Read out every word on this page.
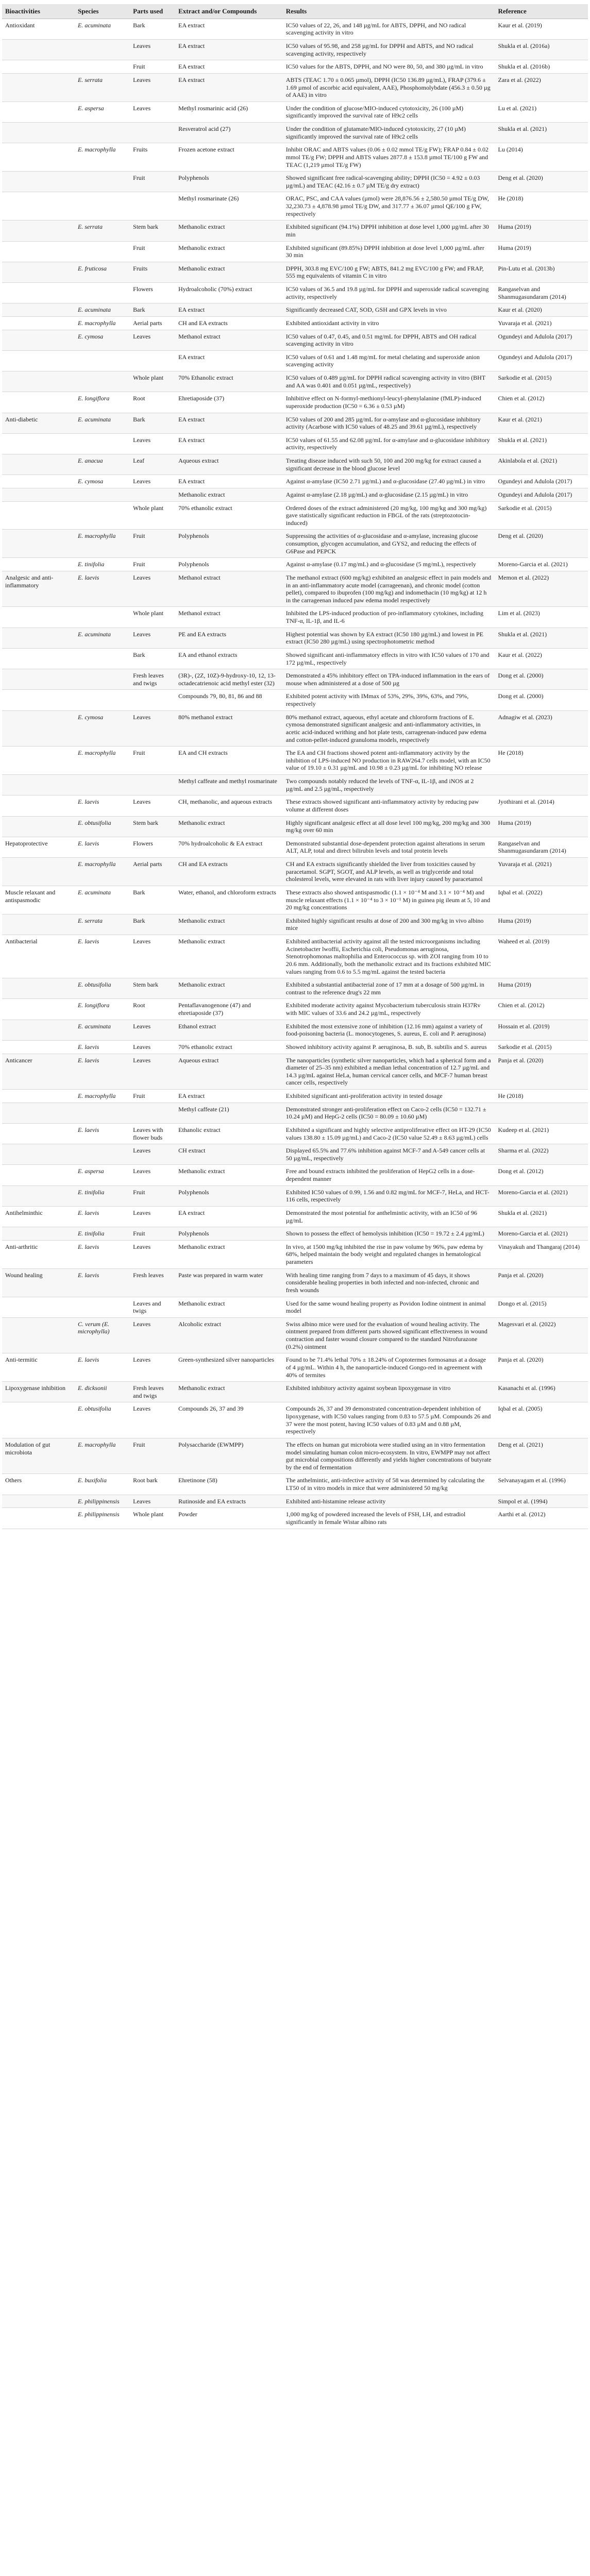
Bioactivities	Species	Parts used	Extract and/or Compounds	Results	Reference
Antioxidant	E. acuminata	Bark	EA extract	IC50 values of 22, 26, and 148 µg/mL for ABTS, DPPH, and NO radical scavenging activity in vitro	Kaur et al. (2019)
		Leaves	EA extract	IC50 values of 95.98, and 258 µg/mL for DPPH and ABTS, and NO radical scavenging activity, respectively	Shukla et al. (2016a)
		Fruit	EA extract	IC50 values for the ABTS, DPPH, and NO were 80, 50, and 380 µg/mL in vitro	Shukla et al. (2016b)
	E. serrata	Leaves	EA extract	ABTS (TEAC 1.70 ± 0.065 µmol), DPPH (IC50 136.89 µg/mL), FRAP (379.6 ± 1.69 µmol of ascorbic acid equivalent, AAE), Phosphomolybdate (456.3 ± 0.50 µg of AAE) in vitro	Zara et al. (2022)
	E. aspersa	Leaves	Methyl rosmarinic acid (26)	Under the condition of glucose/MIO-induced cytotoxicity, 26 (100 µM) significantly improved the survival rate of H9c2 cells	Lu et al. (2021)
			Resveratrol acid (27)	Under the condition of glutamate/MIO-induced cytotoxicity, 27 (10 µM) significantly improved the survival rate of H9c2 cells	Shukla et al. (2021)
	E. macrophylla	Fruits	Frozen acetone extract	Inhibit ORAC and ABTS values (0.06 ± 0.02 mmol TE/g FW); FRAP 0.84 ± 0.02 mmol TE/g FW; DPPH and ABTS values 2877.8 ± 153.8 µmol TE/100 g FW and TEAC (1,219 µmol TE/g FW)	Lu (2014)
		Fruit	Polyphenols	Showed significant free radical-scavenging ability; DPPH (IC50 = 4.92 ± 0.03 µg/mL) and TEAC (42.16 ± 0.7 µM TE/g dry extract)	Deng et al. (2020)
			Methyl rosmarinate (26)	ORAC, PSC, and CAA values (µmol) were 28,876.56 ± 2,580.50 µmol TE/g DW, 32,230.73 ± 4,878.98 µmol TE/g DW, and 317.77 ± 36.07 µmol QE/100 g FW, respectively	He (2018)
	E. serrata	Stem bark	Methanolic extract	Exhibited significant (94.1%) DPPH inhibition at dose level 1,000 µg/mL after 30 min	Huma (2019)
		Fruit	Methanolic extract	Exhibited significant (89.85%) DPPH inhibition at dose level 1,000 µg/mL after 30 min	Huma (2019)
	E. fruticosa	Fruits	Methanolic extract	DPPH, 303.8 mg EVC/100 g FW; ABTS, 841.2 mg EVC/100 g FW; and FRAP, 555 mg equivalents of vitamin C in vitro	Pin-Lutu et al. (2013b)
		Flowers	Hydroalcoholic (70%) extract	IC50 values of 36.5 and 19.8 µg/mL for DPPH and superoxide radical scavenging activity, respectively	Rangaselvan and Shanmugasundaram (2014)
	E. acuminata	Bark	EA extract	Significantly decreased CAT, SOD, GSH and GPX levels in vivo	Kaur et al. (2020)
	E. macrophylla	Aerial parts	CH and EA extracts	Exhibited antioxidant activity in vitro	Yuvaraja et al. (2021)
	E. cymosa	Leaves	Methanol extract	IC50 values of 0.47, 0.45, and 0.51 mg/mL for DPPH, ABTS and OH radical scavenging activity in vitro	Ogundeyi and Adulola (2017)
			EA extract	IC50 values of 0.61 and 1.48 mg/mL for metal chelating and superoxide anion scavenging activity	Ogundeyi and Adulola (2017)
		Whole plant	70% Ethanolic extract	IC50 values of 0.489 µg/mL for DPPH radical scavenging activity in vitro (BHT and AA was 0.401 and 0.051 µg/mL, respectively)	Sarkodie et al. (2015)
	E. longiflora	Root	Ehretiaposide (37)	Inhibitive effect on N-formyl-methionyl-leucyl-phenylalanine (fMLP)-induced superoxide production (IC50 = 6.36 ± 0.53 µM)	Chien et al. (2012)
Anti-diabetic	E. acuminata	Bark	EA extract	IC50 values of 200 and 285 µg/mL for α-amylase and α-glucosidase inhibitory activity (Acarbose with IC50 values of 48.25 and 39.61 µg/mL), respectively	Kaur et al. (2021)
		Leaves	EA extract	IC50 values of 61.55 and 62.08 µg/mL for α-amylase and α-glucosidase inhibitory activity, respectively	Shukla et al. (2021)
	E. anacua	Leaf	Aqueous extract	Treating disease induced with such 50, 100 and 200 mg/kg for extract caused a significant decrease in the blood glucose level	Akinlabola et al. (2021)
	E. cymosa	Leaves	EA extract	Against α-amylase (IC50 2.71 µg/mL) and α-glucosidase (27.40 µg/mL) in vitro	Ogundeyi and Adulola (2017)
			Methanolic extract	Against α-amylase (2.18 µg/mL) and α-glucosidase (2.15 µg/mL) in vitro	Ogundeyi and Adulola (2017)
		Whole plant	70% ethanolic extract	Ordered doses of the extract administered (20 mg/kg, 100 mg/kg and 300 mg/kg) gave statistically significant reduction in FBGL of the rats (streptozotocin-induced)	Sarkodie et al. (2015)
	E. macrophylla	Fruit	Polyphenols	Suppressing the activities of α-glucosidase and α-amylase, increasing glucose consumption, glycogen accumulation, and GYS2, and reducing the effects of G6Pase and PEPCK	Deng et al. (2020)
	E. tinifolia	Fruit	Polyphenols	Against α-amylase (0.17 mg/mL) and α-glucosidase (5 mg/mL), respectively	Moreno-Garcia et al. (2021)
Analgesic and anti-inflammatory	E. laevis	Leaves	Methanol extract	The methanol extract (600 mg/kg) exhibited an analgesic effect in pain models and in an anti-inflammatory acute model (carrageenan), and chronic model (cotton pellet), compared to ibuprofen (100 mg/kg) and indomethacin (10 mg/kg) at 12 h in the carrageenan induced paw edema model respectively	Memon et al. (2022)
		Whole plant	Methanol extract	Inhibited the LPS-induced production of pro-inflammatory cytokines, including TNF-α, IL-1β, and IL-6	Lim et al. (2023)
	E. acuminata	Leaves	PE and EA extracts	Highest potential was shown by EA extract (IC50 180 µg/mL) and lowest in PE extract (IC50 280 µg/mL) using spectrophotometric method	Shukla et al. (2021)
		Bark	EA and ethanol extracts	Showed significant anti-inflammatory effects in vitro with IC50 values of 170 and 172 µg/mL, respectively	Kaur et al. (2022)
		Fresh leaves and twigs	(3R)-, (2Z, 10Z)-9-hydroxy-10, 12, 13-octadecatrienoic acid methyl ester (32)	Demonstrated a 45% inhibitory effect on TPA-induced inflammation in the ears of mouse when administered at a dose of 500 µg	Dong et al. (2000)
			Compounds 79, 80, 81, 86 and 88	Exhibited potent activity with IMmax of 53%, 29%, 39%, 63%, and 79%, respectively	Dong et al. (2000)
	E. cymosa	Leaves	80% methanol extract	80% methanol extract, aqueous, ethyl acetate and chloroform fractions of E. cymosa demonstrated significant analgesic and anti-inflammatory activities, in acetic acid-induced writhing and hot plate tests, carrageenan-induced paw edema and cotton-pellet-induced granuloma models, respectively	Adnagiw et al. (2023)
	E. macrophylla	Fruit	EA and CH extracts	The EA and CH fractions showed potent anti-inflammatory activity by the inhibition of LPS-induced NO production in RAW264.7 cells model, with an IC50 value of 19.10 ± 0.31 µg/mL and 10.98 ± 0.23 µg/mL for inhibiting NO release	He (2018)
			Methyl caffeate and methyl rosmarinate	Two compounds notably reduced the levels of TNF-α, IL-1β, and iNOS at 2 µg/mL and 2.5 µg/mL, respectively	
	E. laevis	Leaves	CH, methanolic, and aqueous extracts	These extracts showed significant anti-inflammatory activity by reducing paw volume at different doses	Jyothirani et al. (2014)
	E. obtusifolia	Stem bark	Methanolic extract	Highly significant analgesic effect at all dose level 100 mg/kg, 200 mg/kg and 300 mg/kg over 60 min	Huma (2019)
Hepatoprotective	E. laevis	Flowers	70% hydroalcoholic & EA extract	Demonstrated substantial dose-dependent protection against alterations in serum ALT, ALP, total and direct bilirubin levels and total protein levels	Rangaselvan and Shanmugasundaram (2014)
	E. macrophylla	Aerial parts	CH and EA extracts	CH and EA extracts significantly shielded the liver from toxicities caused by paracetamol. SGPT, SGOT, and ALP levels, as well as triglyceride and total cholesterol levels, were elevated in rats with liver injury caused by paracetamol	Yuvaraja et al. (2021)
Muscle relaxant and antispasmodic	E. acuminata	Bark	Water, ethanol, and chloroform extracts	These extracts also showed antispasmodic (1.1 × 10⁻⁴ M and 3.1 × 10⁻⁴ M) and muscle relaxant effects (1.1 × 10⁻⁴ to 3 × 10⁻¹ M) in guinea pig ileum at 5, 10 and 20 mg/kg concentrations	Iqbal et al. (2022)
	E. serrata	Bark	Methanolic extract	Exhibited highly significant results at dose of 200 and 300 mg/kg in vivo albino mice	Huma (2019)
Antibacterial	E. laevis	Leaves	Methanolic extract	Exhibited antibacterial activity against all the tested microorganisms including Acinetobacter lwoffii, Escherichia coli, Pseudomonas aeruginosa, Stenotrophomonas maltophilia and Enterococcus sp. with ZOI ranging from 10 to 20.6 mm. Additionally, both the methanolic extract and its fractions exhibited MIC values ranging from 0.6 to 5.5 mg/mL against the tested bacteria	Waheed et al. (2019)
	E. obtusifolia	Stem bark	Methanolic extract	Exhibited a substantial antibacterial zone of 17 mm at a dosage of 500 µg/mL in contrast to the reference drug's 22 mm	Huma (2019)
	E. longiflora	Root	Pentaflavanogenone (47) and ehretiaposide (37)	Exhibited moderate activity against Mycobacterium tuberculosis strain H37Rv with MIC values of 33.6 and 24.2 µg/mL, respectively	Chien et al. (2012)
	E. acuminata	Leaves	Ethanol extract	Exhibited the most extensive zone of inhibition (12.16 mm) against a variety of food-poisoning bacteria (L. monocytogenes, S. aureus, E. coli and P. aeruginosa)	Hossain et al. (2019)
	E. laevis	Leaves	70% ethanolic extract	Showed inhibitory activity against P. aeruginosa, B. sub, B. subtilis and S. aureus	Sarkodie et al. (2015)
Anticancer	E. laevis	Leaves	Aqueous extract	The nanoparticles (synthetic silver nanoparticles, which had a spherical form and a diameter of 25–35 nm) exhibited a median lethal concentration of 12.7 µg/mL and 14.3 µg/mL against HeLa, human cervical cancer cells, and MCF-7 human breast cancer cells, respectively	Panja et al. (2020)
	E. macrophylla	Fruit	EA extract	Exhibited significant anti-proliferation activity in tested dosage	He (2018)
			Methyl caffeate (21)	Demonstrated stronger anti-proliferation effect on Caco-2 cells (IC50 = 132.71 ± 10.24 µM) and HepG-2 cells (IC50 = 80.09 ± 10.60 µM)	
	E. laevis	Leaves with flower buds	Ethanolic extract	Exhibited a significant and highly selective antiproliferative effect on HT-29 (IC50 values 138.80 ± 15.09 µg/mL) and Caco-2 (IC50 value 52.49 ± 8.63 µg/mL) cells	Kudeep et al. (2021)
		Leaves	CH extract	Displayed 65.5% and 77.6% inhibition against MCF-7 and A-549 cancer cells at 50 µg/mL, respectively	Sharma et al. (2022)
	E. aspersa	Leaves	Methanolic extract	Free and bound extracts inhibited the proliferation of HepG2 cells in a dose-dependent manner	Dong et al. (2012)
	E. tinifolia	Fruit	Polyphenols	Exhibited IC50 values of 0.99, 1.56 and 0.82 mg/mL for MCF-7, HeLa, and HCT-116 cells, respectively	Moreno-Garcia et al. (2021)
Antihelminthic	E. laevis	Leaves	EA extract	Demonstrated the most potential for anthelmintic activity, with an IC50 of 96 µg/mL	Shukla et al. (2021)
	E. tinifolia	Fruit	Polyphenols	Shown to possess the effect of hemolysis inhibition (IC50 = 19.72 ± 2.4 µg/mL)	Moreno-Garcia et al. (2021)
Anti-arthritic	E. laevis	Leaves	Methanolic extract	In vivo, at 1500 mg/kg inhibited the rise in paw volume by 96%, paw edema by 68%, helped maintain the body weight and regulated changes in hematological parameters	Vinayakuh and Thangaraj (2014)
Wound healing	E. laevis	Fresh leaves	Paste was prepared in warm water	With healing time ranging from 7 days to a maximum of 45 days, it shows considerable healing properties in both infected and non-infected, chronic and fresh wounds	Panja et al. (2020)
		Leaves and twigs	Methanolic extract	Used for the same wound healing property as Povidon Iodine ointment in animal model	Dongo et al. (2015)
	C. verum (E. microphylla)	Leaves	Alcoholic extract	Swiss albino mice were used for the evaluation of wound healing activity. The ointment prepared from different parts showed significant effectiveness in wound contraction and faster wound closure compared to the standard Nitrofurazone (0.2%) ointment	Magesvari et al. (2022)
Anti-termitic	E. laevis	Leaves	Green-synthesized silver nanoparticles	Found to be 71.4% lethal 70% ± 18.24% of Coptotermes formosanus at a dosage of 4 µg/mL. Within 4 h, the nanoparticle-induced Gongo-red in agreement with 40% of termites	Panja et al. (2020)
Lipoxygenase inhibition	E. dicksonii	Fresh leaves and twigs	Methanolic extract	Exhibited inhibitory activity against soybean lipoxygenase in vitro	Kasanachi et al. (1996)
	E. obtusifolia	Leaves	Compounds 26, 37 and 39	Compounds 26, 37 and 39 demonstrated concentration-dependent inhibition of lipoxygenase, with IC50 values ranging from 0.83 to 57.5 µM. Compounds 26 and 37 were the most potent, having IC50 values of 0.83 µM and 0.88 µM, respectively	Iqbal et al. (2005)
Modulation of gut microbiota	E. macrophylla	Fruit	Polysaccharide (EWMPP)	The effects on human gut microbiota were studied using an in vitro fermentation model simulating human colon micro-ecosystem. In vitro, EWMPP may not affect gut microbial compositions differently and yields higher concentrations of butyrate by the end of fermentation	Deng et al. (2021)
Others	E. buxifolia	Root bark	Ehretinone (58)	The anthelmintic, anti-infective activity of 58 was determined by calculating the LT50 of in vitro models in mice that were administered 50 mg/kg	Selvanayagam et al. (1996)
	E. philippinensis	Leaves	Rutinoside and EA extracts	Exhibited anti-histamine release activity	Simpol et al. (1994)
	E. philippinensis	Whole plant	Powder	1,000 mg/kg of powdered increased the levels of FSH, LH, and estradiol significantly in female Wistar albino rats	Aarthi et al. (2012)
